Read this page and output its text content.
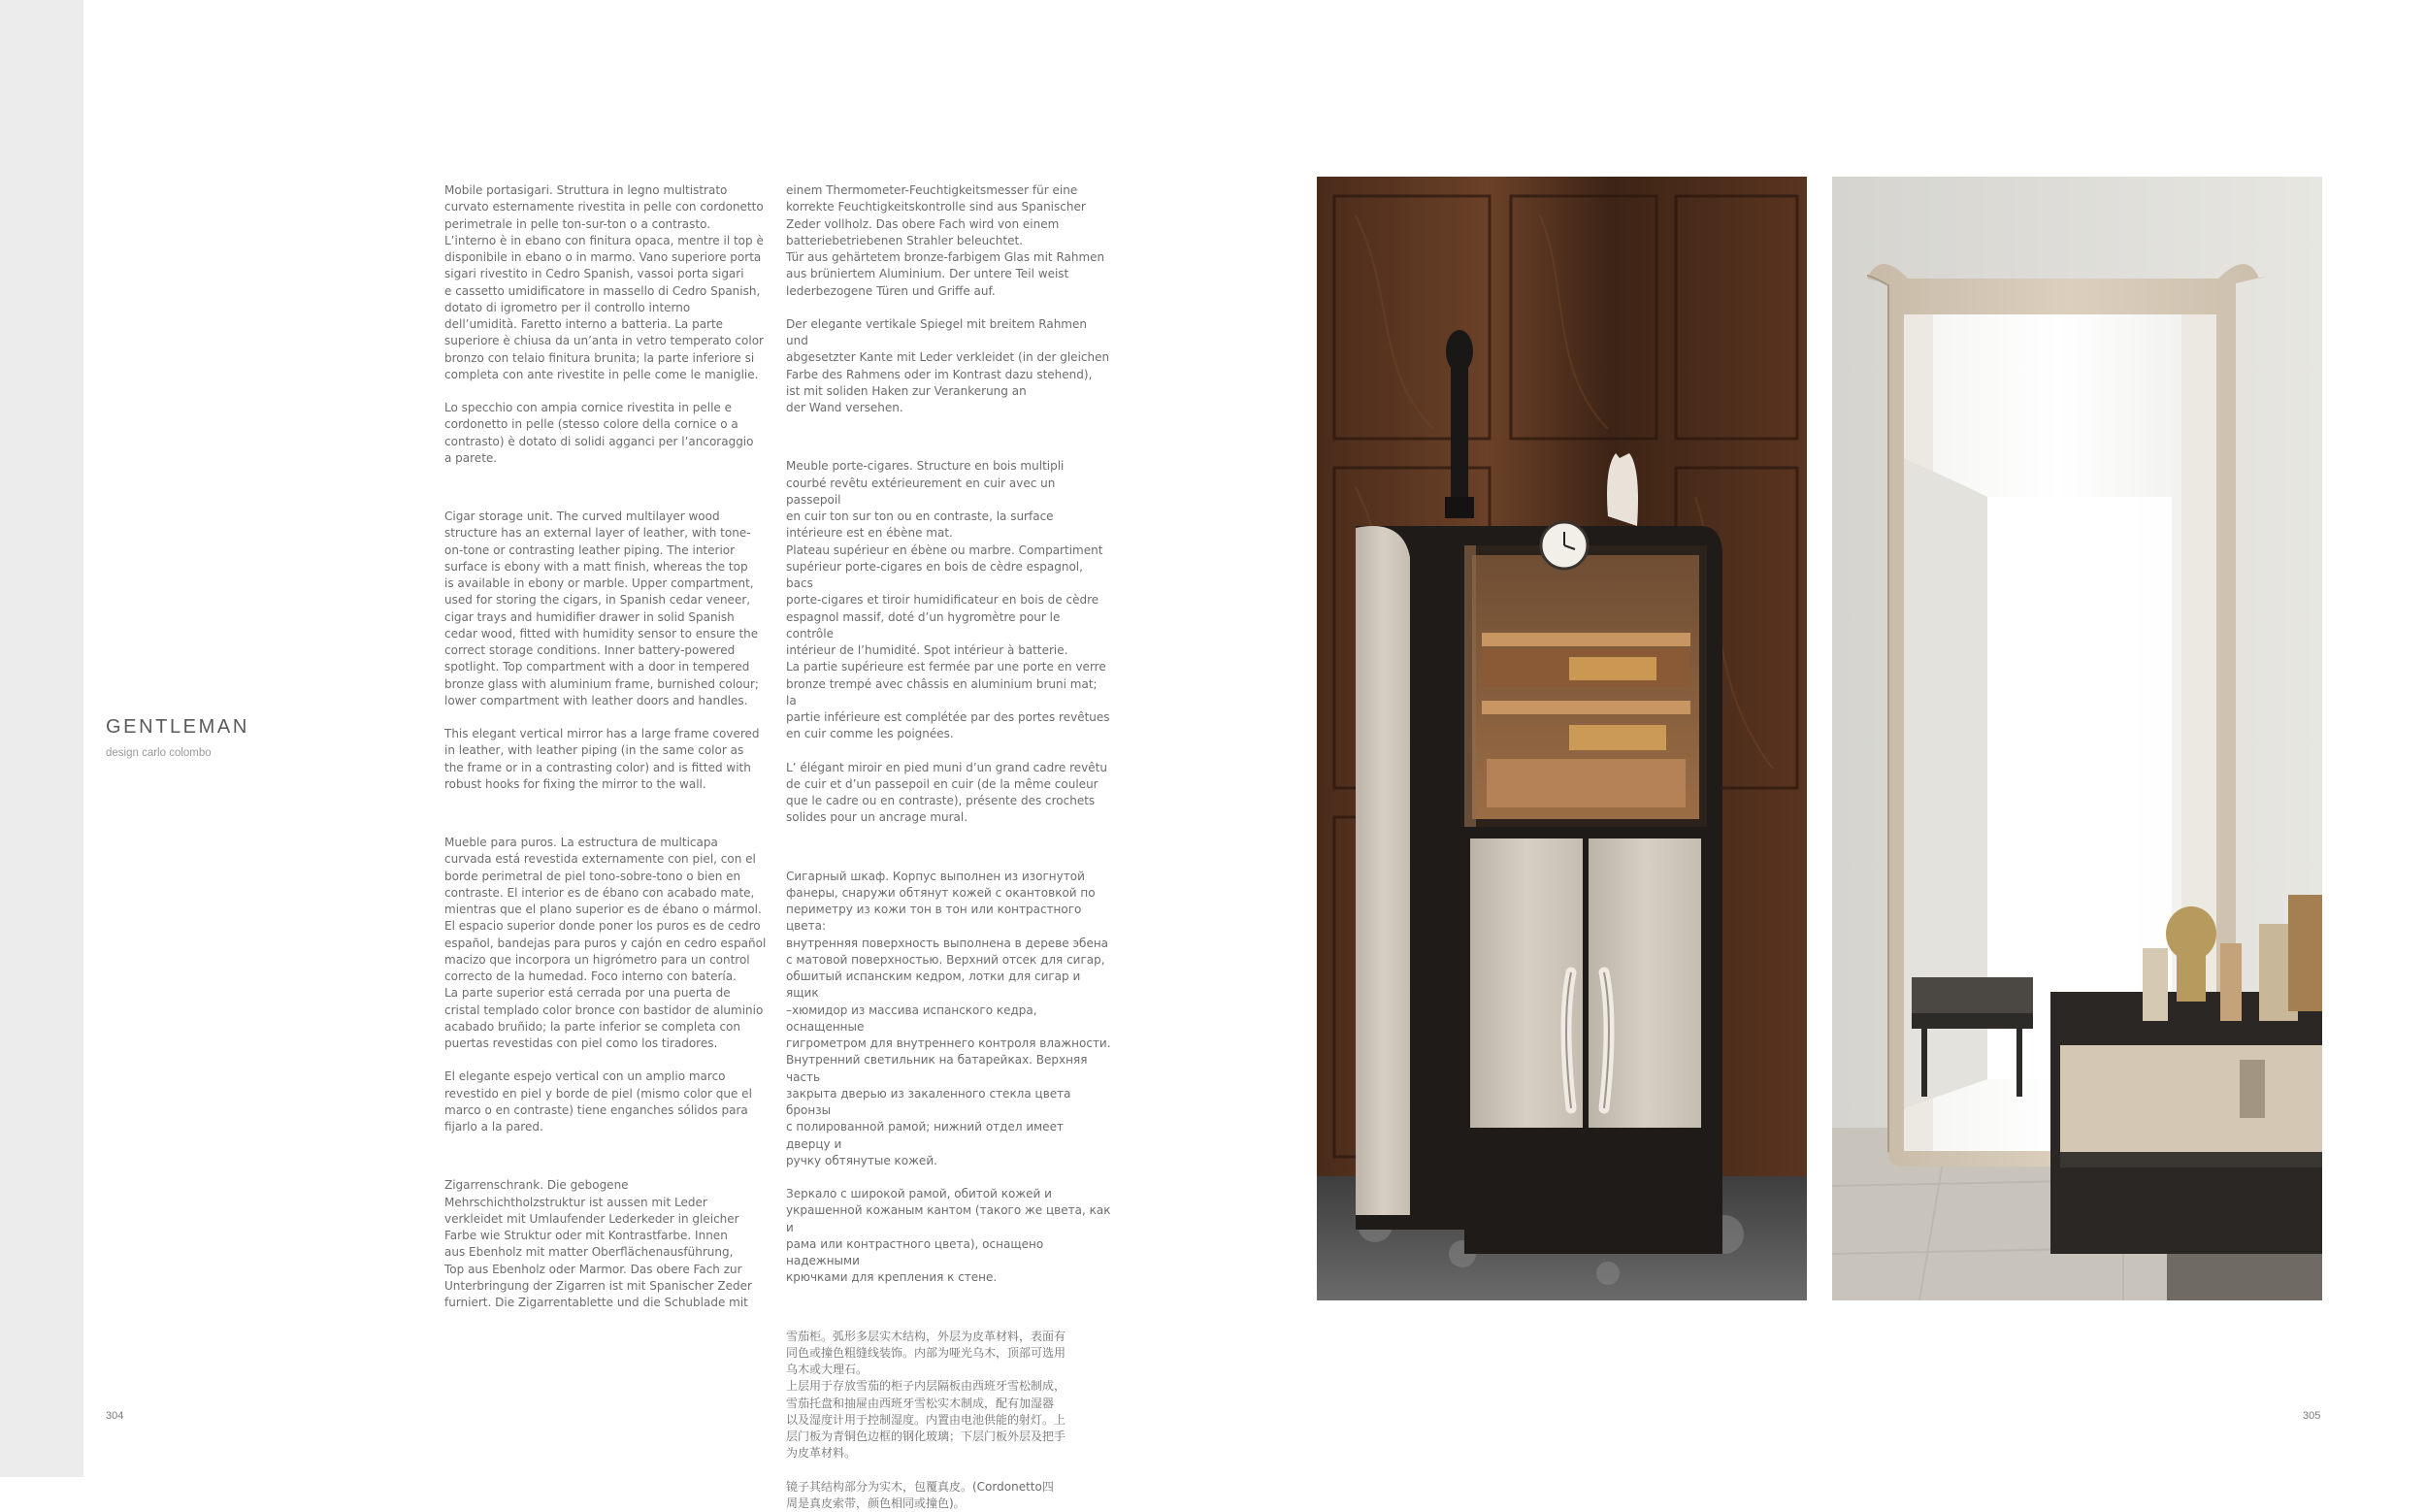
GENTLEMAN

design carlo colombo

Mobile portasigari. Struttura in legno multistrato
curvato esternamente rivestita in pelle con cordonetto
perimetrale in pelle ton-sur-ton o a contrasto.
L’interno è in ebano con finitura opaca, mentre il top è
disponibile in ebano o in marmo. Vano superiore porta
sigari rivestito in Cedro Spanish, vassoi porta sigari
e cassetto umidificatore in massello di Cedro Spanish,
dotato di igrometro per il controllo interno
dell’umidità. Faretto interno a batteria. La parte
superiore è chiusa da un’anta in vetro temperato color
bronzo con telaio finitura brunita; la parte inferiore si
completa con ante rivestite in pelle come le maniglie.

Lo specchio con ampia cornice rivestita in pelle e
cordonetto in pelle (stesso colore della cornice o a
contrasto) è dotato di solidi agganci per l’ancoraggio
a parete.

Cigar storage unit. The curved multilayer wood
structure has an external layer of leather, with tone-
on-tone or contrasting leather piping. The interior
surface is ebony with a matt finish, whereas the top
is available in ebony or marble. Upper compartment,
used for storing the cigars, in Spanish cedar veneer,
cigar trays and humidifier drawer in solid Spanish
cedar wood, fitted with humidity sensor to ensure the
correct storage conditions. Inner battery-powered
spotlight. Top compartment with a door in tempered
bronze glass with aluminium frame, burnished colour;
lower compartment with leather doors and handles.

This elegant vertical mirror has a large frame covered
in leather, with leather piping (in the same color as
the frame or in a contrasting color) and is fitted with
robust hooks for fixing the mirror to the wall.

Mueble para puros. La estructura de multicapa
curvada está revestida externamente con piel, con el
borde perimetral de piel tono-sobre-tono o bien en
contraste. El interior es de ébano con acabado mate,
mientras que el plano superior es de ébano o mármol.
El espacio superior donde poner los puros es de cedro
español, bandejas para puros y cajón en cedro español
macizo que incorpora un higrómetro para un control
correcto de la humedad. Foco interno con batería.
La parte superior está cerrada por una puerta de
cristal templado color bronce con bastidor de aluminio
acabado bruñido; la parte inferior se completa con
puertas revestidas con piel como los tiradores.

El elegante espejo vertical con un amplio marco
revestido en piel y borde de piel (mismo color que el
marco o en contraste) tiene enganches sólidos para
fijarlo a la pared.

Zigarrenschrank. Die gebogene
Mehrschichtholzstruktur ist aussen mit Leder
verkleidet mit Umlaufender Lederkeder in gleicher
Farbe wie Struktur oder mit Kontrastfarbe. Innen
aus Ebenholz mit matter Oberflächenausführung,
Top aus Ebenholz oder Marmor. Das obere Fach zur
Unterbringung der Zigarren ist mit Spanischer Zeder
furniert. Die Zigarrentablette und die Schublade mit

einem Thermometer-Feuchtigkeitsmesser für eine
korrekte Feuchtigkeitskontrolle sind aus Spanischer
Zeder vollholz. Das obere Fach wird von einem
batteriebetriebenen Strahler beleuchtet.
Tür aus gehärtetem bronze-farbigem Glas mit Rahmen
aus brüniertem Aluminium. Der untere Teil weist
lederbezogene Türen und Griffe auf.

Der elegante vertikale Spiegel mit breitem Rahmen und
abgesetzter Kante mit Leder verkleidet (in der gleichen
Farbe des Rahmens oder im Kontrast dazu stehend),
ist mit soliden Haken zur Verankerung an
der Wand versehen.

Meuble porte-cigares. Structure en bois multipli
courbé revêtu extérieurement en cuir avec un passepoil
en cuir ton sur ton ou en contraste, la surface
intérieure est en ébène mat.
Plateau supérieur en ébène ou marbre. Compartiment
supérieur porte-cigares en bois de cèdre espagnol, bacs
porte-cigares et tiroir humidificateur en bois de cèdre
espagnol massif, doté d’un hygromètre pour le contrôle
intérieur de l’humidité. Spot intérieur à batterie.
La partie supérieure est fermée par une porte en verre
bronze trempé avec châssis en aluminium bruni mat; la
partie inférieure est complétée par des portes revêtues
en cuir comme les poignées.

L’ élégant miroir en pied muni d’un grand cadre revêtu
de cuir et d’un passepoil en cuir (de la même couleur
que le cadre ou en contraste), présente des crochets
solides pour un ancrage mural.

Сигарный шкаф. Корпус выполнен из изогнутой
фанеры, снаружи обтянут кожей с окантовкой по
периметру из кожи тон в тон или контрастного цвета:
внутренняя поверхность выполнена в дереве эбена
с матовой поверхностью. Верхний отсек для сигар,
обшитый испанским кедром, лотки для сигар и ящик
–хюмидор из массива испанского кедра, оснащенные
гигрометром для внутреннего контроля влажности.
Внутренний светильник на батарейках. Верхняя часть
закрыта дверью из закаленного стекла цвета бронзы
с полированной рамой; нижний отдел имеет дверцу и
ручку обтянутые кожей.

Зеркало с широкой рамой, обитой кожей и
украшенной кожаным кантом (такого же цвета, как и
рама или контрастного цвета), оснащено надежными
крючками для крепления к стене.

雪茄柜。弧形多层实木结构，外层为皮革材料，表面有
同色或撞色粗缝线装饰。内部为哑光乌木，顶部可选用
乌木或大理石。
上层用于存放雪茄的柜子内层隔板由西班牙雪松制成，
雪茄托盘和抽屉由西班牙雪松实木制成，配有加湿器
以及湿度计用于控制湿度。内置由电池供能的射灯。上
层门板为青铜色边框的钢化玻璃；下层门板外层及把手
为皮革材料。

镜子其结构部分为实木，包覆真皮。(Cordonetto四
周是真皮索带，颜色相同或撞色)。

304	305
